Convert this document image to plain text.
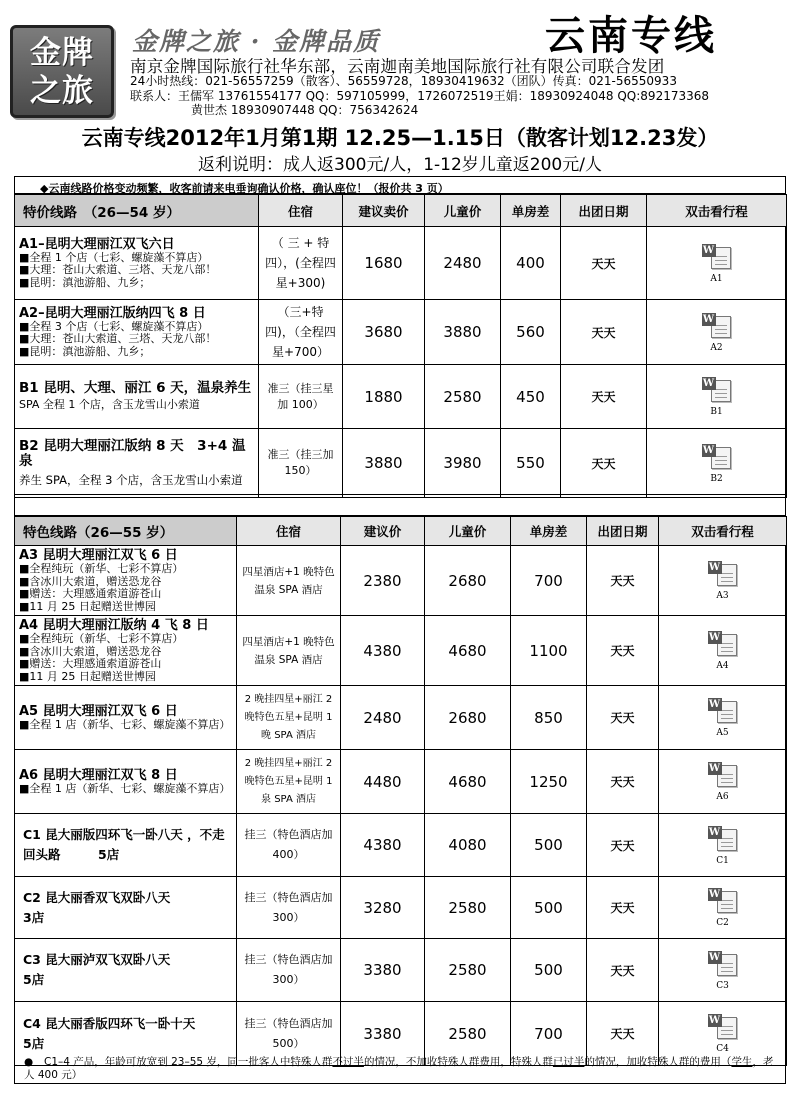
金牌
之旅
金牌之旅 · 金牌品质	云南专线
南京金牌国际旅行社华东部，云南迦南美地国际旅行社有限公司联合发团
24小时热线：021-56557259（散客）、56559728，18930419632（团队）传真：021-56550933
联系人：王儒军 13761554177 QQ：597105999，1726072519王娟：18930924048 QQ:892173368
黄世杰 18930907448 QQ：756342624
云南专线2012年1月第1期 12.25—1.15日（散客计划12.23发）
返利说明：成人返300元/人，1-12岁儿童返200元/人
◆云南线路价格变动频繁，收客前请来电垂询确认价格，确认座位！（报价共 3 页）
特价线路　（26—54 岁）	住宿	建议卖价	儿童价	单房差	出团日期	双击看行程

A1–昆明大理丽江双飞六日
■全程 1 个店（七彩、螺旋藻不算店）
■大理：苍山大索道、三塔、天龙八部！
■昆明：滇池游船、九乡；	（ 三 + 特四），(全程四星+300)	1680	2480	400	天天	W
A1

A2–昆明大理丽江版纳四飞 8 日
■全程 3 个店（七彩、螺旋藻不算店）
■大理：苍山大索道、三塔、天龙八部！
■昆明：滇池游船、九乡；	（三+特四)，（全程四星+700）	3680	3880	560	天天	W
A2

B1 昆明、大理、丽江 6 天，温泉养生
SPA 全程 1 个店，含玉龙雪山小索道	准三（挂三星加 100）	1880	2580	450	天天	W
B1

B2 昆明大理丽江版纳 8 天　3+4 温泉
养生 SPA，全程 3 个店，含玉龙雪山小索道	准三（挂三加150）	3880	3980	550	天天	W
B2
特色线路（26—55 岁）	住宿	建议价	儿童价	单房差	出团日期	双击看行程

A3 昆明大理丽江双飞 6 日
■全程纯玩（新华、七彩不算店）
■含冰川大索道，赠送恐龙谷
■赠送：大理感通索道游苍山
■11 月 25 日起赠送世博园	四星酒店+1 晚特色温泉 SPA 酒店	2380	2680	700	天天	W
A3

A4 昆明大理丽江版纳 4 飞 8 日
■全程纯玩（新华、七彩不算店）
■含冰川大索道，赠送恐龙谷
■赠送：大理感通索道游苍山
■11 月 25 日起赠送世博园	四星酒店+1 晚特色温泉 SPA 酒店	4380	4680	1100	天天	W
A4

A5 昆明大理丽江双飞 6 日
■全程 1 店（新华、七彩、螺旋藻不算店）	2 晚挂四星+丽江 2 晚特色五星+昆明 1 晚 SPA 酒店	2480	2680	850	天天	W
A5

A6 昆明大理丽江双飞 8 日
■全程 1 店（新华、七彩、螺旋藻不算店）	2 晚挂四星+丽江 2 晚特色五星+昆明 1 泉 SPA 酒店	4480	4680	1250	天天	W
A6

C1 昆大丽版四环飞一卧八天 ，不走回头路　　　5店	挂三（特色酒店加 400）	4380	4080	500	天天	W
C1

C2 昆大丽香双飞双卧八天　　　　　　　　3店	挂三（特色酒店加 300）	3280	2580	500	天天	W
C2

C3 昆大丽泸双飞双卧八天　　　　　　　　5店	挂三（特色酒店加 300）	3380	2580	500	天天	W
C3

C4 昆大丽香版四环飞一卧十天　　　　　　5店	挂三（特色酒店加 500）	3380	2580	700	天天	W
C4
● C1–4 产品，年龄可放宽到 23–55 岁，同一批客人中特殊人群不过半的情况，不加收特殊人群费用，特殊人群已过半的情况，加收特殊人群的费用（学生，老人 400 元）
